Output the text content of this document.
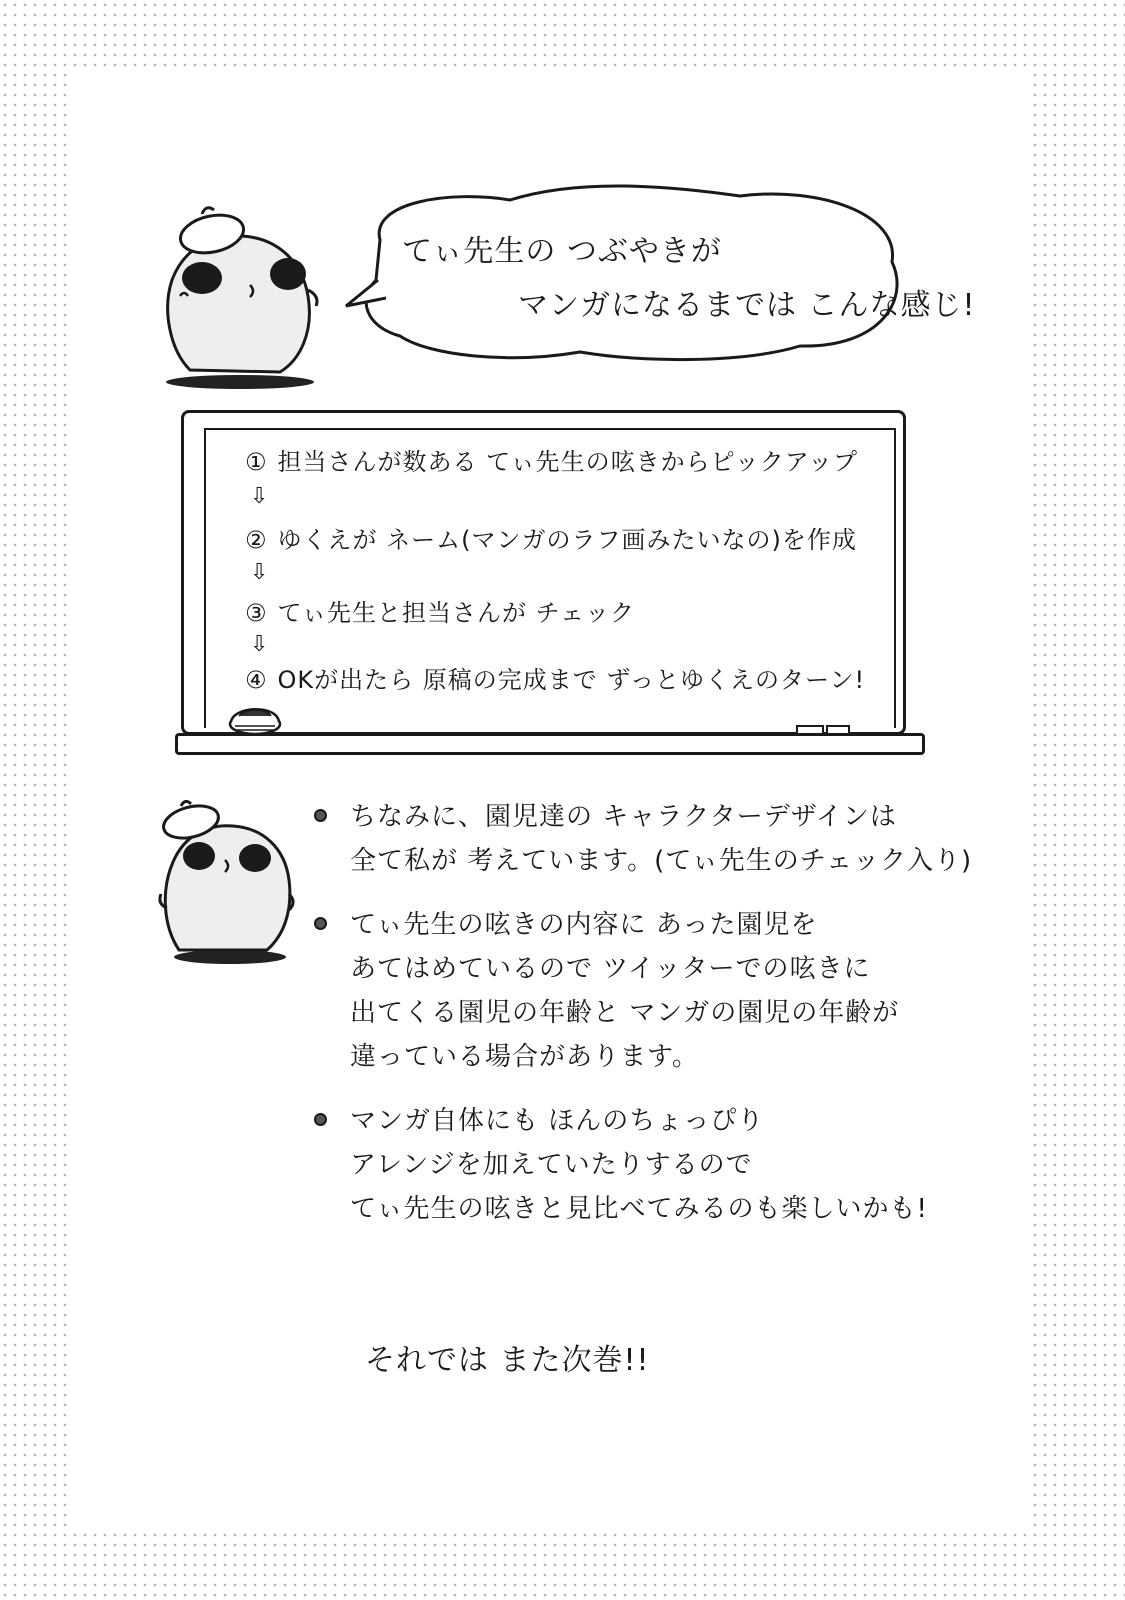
てぃ先生の つぶやきが
マンガになるまでは こんな感じ!
① 担当さんが数ある てぃ先生の呟きからピックアップ
⇩
② ゆくえが ネーム(マンガのラフ画みたいなの)を作成
⇩
③ てぃ先生と担当さんが チェック
⇩
④ OKが出たら 原稿の完成まで ずっとゆくえのターン!
ちなみに、園児達の キャラクターデザインは
全て私が 考えています。(てぃ先生のチェック入り)
てぃ先生の呟きの内容に あった園児を
あてはめているので ツイッターでの呟きに
出てくる園児の年齢と マンガの園児の年齢が
違っている場合があります。
マンガ自体にも ほんのちょっぴり
アレンジを加えていたりするので
てぃ先生の呟きと見比べてみるのも楽しいかも!
それでは また次巻!!
